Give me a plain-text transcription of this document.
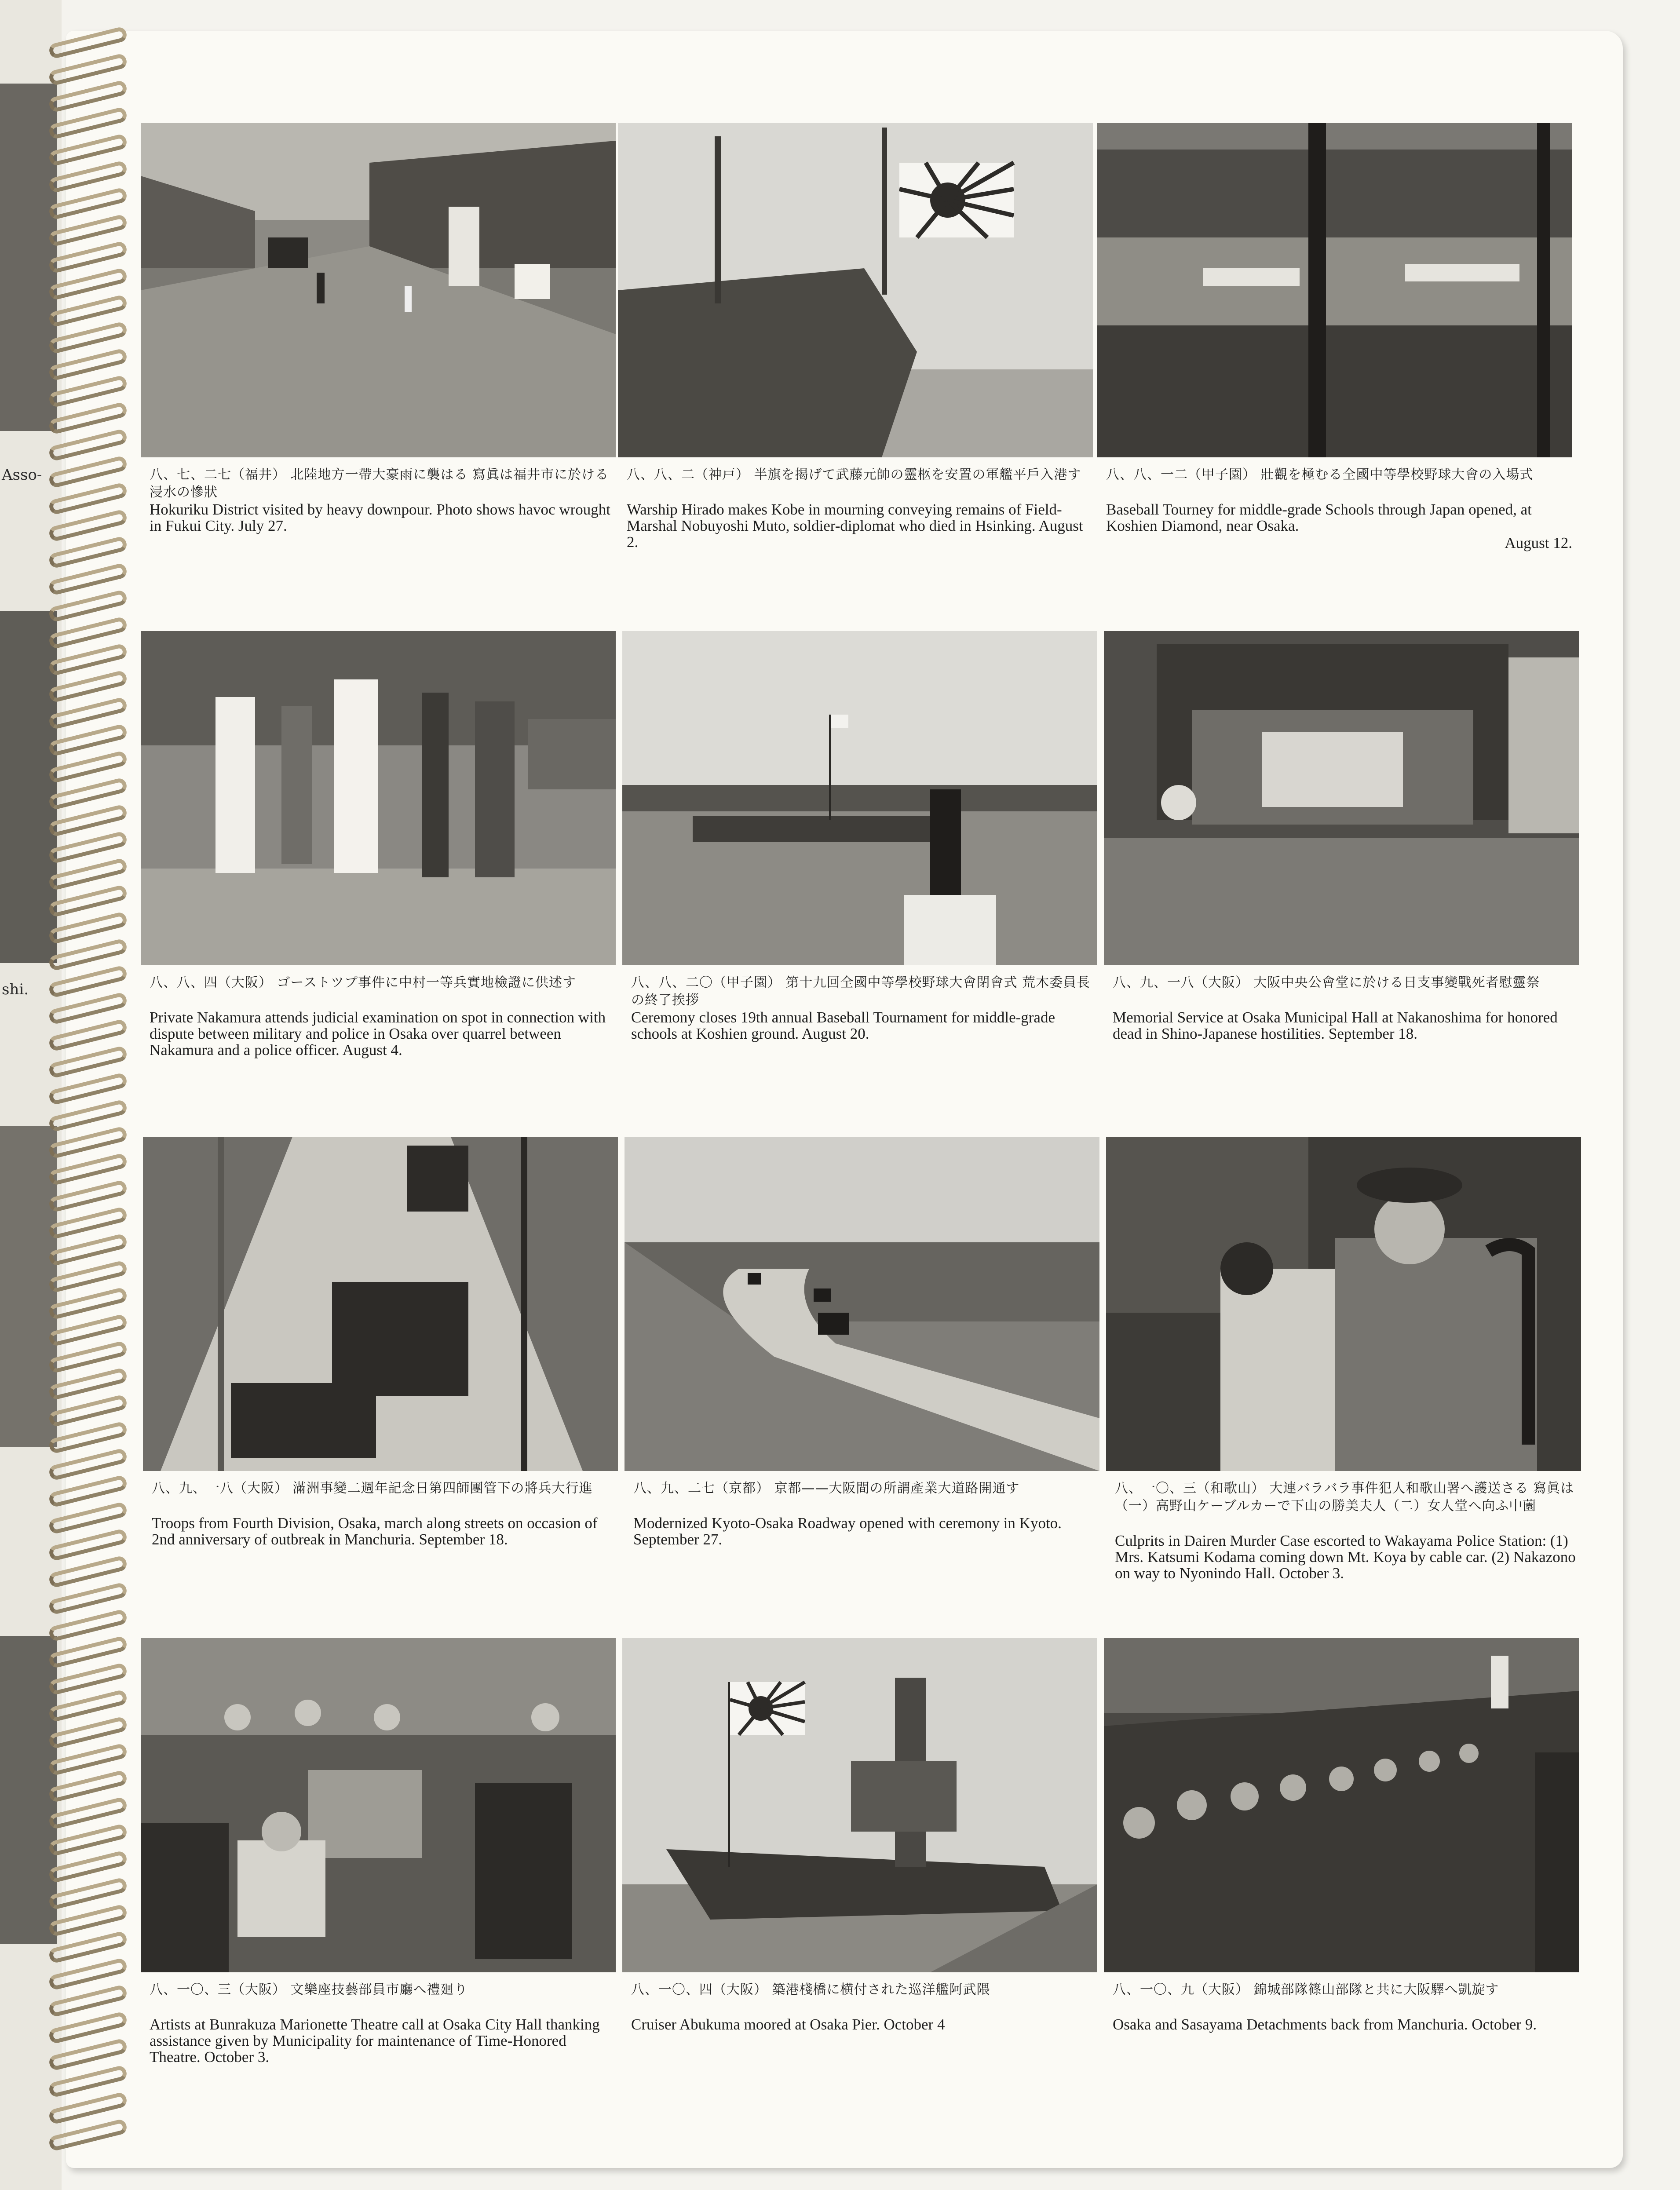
Asso-
shi.
八、七、二七（福井） 北陸地方一帶大豪雨に襲はる 寫眞は福井市に於ける浸水の慘狀
Hokuriku District visited by heavy downpour. Photo shows havoc wrought in Fukui City. July 27.
八、八、二（神戸） 半旗を揭げて武藤元帥の靈柩を安置の軍艦平戶入港す
Warship Hirado makes Kobe in mourning conveying remains of Field-Marshal Nobuyoshi Muto, soldier-diplomat who died in Hsinking. August 2.
八、八、一二（甲子園） 壯觀を極むる全國中等學校野球大會の入場式
Baseball Tourney for middle-grade Schools through Japan opened, at Koshien Diamond, near Osaka.
August 12.
八、八、四（大阪） ゴーストツプ事件に中村一等兵實地檢證に供述す
Private Nakamura attends judicial examination on spot in connection with dispute between military and police in Osaka over quarrel between Nakamura and a police officer. August 4.
八、八、二〇（甲子園） 第十九回全國中等學校野球大會閉會式 荒木委員長の終了挨拶
Ceremony closes 19th annual Baseball Tournament for middle-grade schools at Koshien ground. August 20.
八、九、一八（大阪） 大阪中央公會堂に於ける日支事變戰死者慰靈祭
Memorial Service at Osaka Municipal Hall at Nakanoshima for honored dead in Shino-Japanese hostilities. September 18.
八、九、一八（大阪） 滿洲事變二週年記念日第四師團管下の將兵大行進
Troops from Fourth Division, Osaka, march along streets on occasion of 2nd anniversary of outbreak in Manchuria. September 18.
八、九、二七（京都） 京都——大阪間の所謂產業大道路開通す
Modernized Kyoto-Osaka Roadway opened with ceremony in Kyoto. September 27.
八、一〇、三（和歌山） 大連バラバラ事件犯人和歌山署へ護送さる 寫眞は（一）高野山ケーブルカーで下山の勝美夫人（二）女人堂へ向ふ中薗
Culprits in Dairen Murder Case escorted to Wakayama Police Station: (1) Mrs. Katsumi Kodama coming down Mt. Koya by cable car. (2) Nakazono on way to Nyonindo Hall. October 3.
八、一〇、三（大阪） 文樂座技藝部員市廳へ禮廻り
Artists at Bunrakuza Marionette Theatre call at Osaka City Hall thanking assistance given by Municipality for maintenance of Time-Honored Theatre. October 3.
八、一〇、四（大阪） 築港棧橋に横付された巡洋艦阿武隈
Cruiser Abukuma moored at Osaka Pier. October 4
八、一〇、九（大阪） 錦城部隊篠山部隊と共に大阪驛へ凱旋す
Osaka and Sasayama Detachments back from Manchuria. October 9.
